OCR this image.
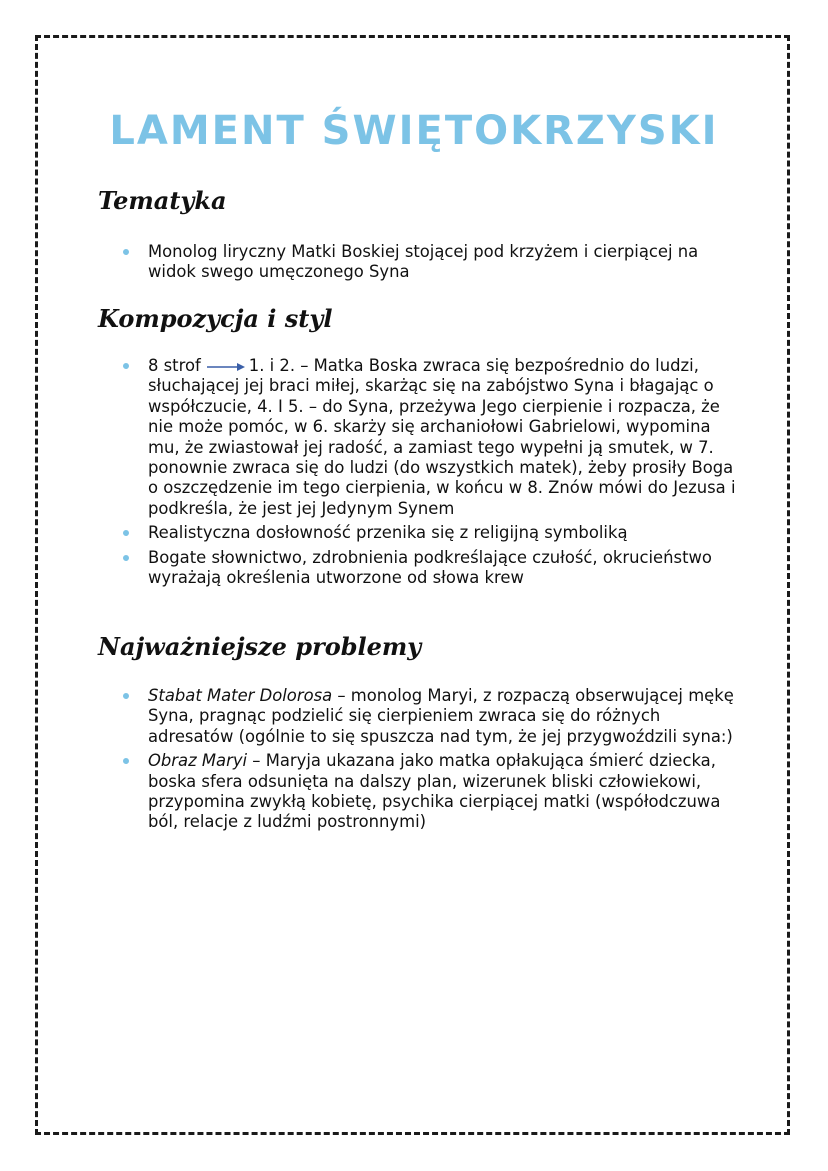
LAMENT ŚWIĘTOKRZYSKI
Tematyka
Monolog liryczny Matki Boskiej stojącej pod krzyżem i cierpiącej na widok swego umęczonego Syna
Kompozycja i styl
8 strof	1. i 2. – Matka Boska zwraca się bezpośrednio do ludzi, słuchającej jej braci miłej, skarżąc się na zabójstwo Syna i błagając o współczucie, 4. I 5. – do Syna, przeżywa Jego cierpienie i rozpacza, że nie może pomóc, w 6. skarży się archaniołowi Gabrielowi, wypomina mu, że zwiastował jej radość, a zamiast tego wypełni ją smutek, w 7. ponownie zwraca się do ludzi (do wszystkich matek), żeby prosiły Boga o oszczędzenie im tego cierpienia, w końcu w 8. Znów mówi do Jezusa i podkreśla, że jest jej Jedynym Synem
Realistyczna dosłowność przenika się z religijną symboliką
Bogate słownictwo, zdrobnienia podkreślające czułość, okrucieństwo wyrażają określenia utworzone od słowa krew
Najważniejsze problemy
Stabat Mater Dolorosa – monolog Maryi, z rozpaczą obserwującej mękę Syna, pragnąc podzielić się cierpieniem zwraca się do różnych adresatów (ogólnie to się spuszcza nad tym, że jej przygwoździli syna:)
Obraz Maryi – Maryja ukazana jako matka opłakująca śmierć dziecka, boska sfera odsunięta na dalszy plan, wizerunek bliski człowiekowi, przypomina zwykłą kobietę, psychika cierpiącej matki (współodczuwa ból, relacje z ludźmi postronnymi)
